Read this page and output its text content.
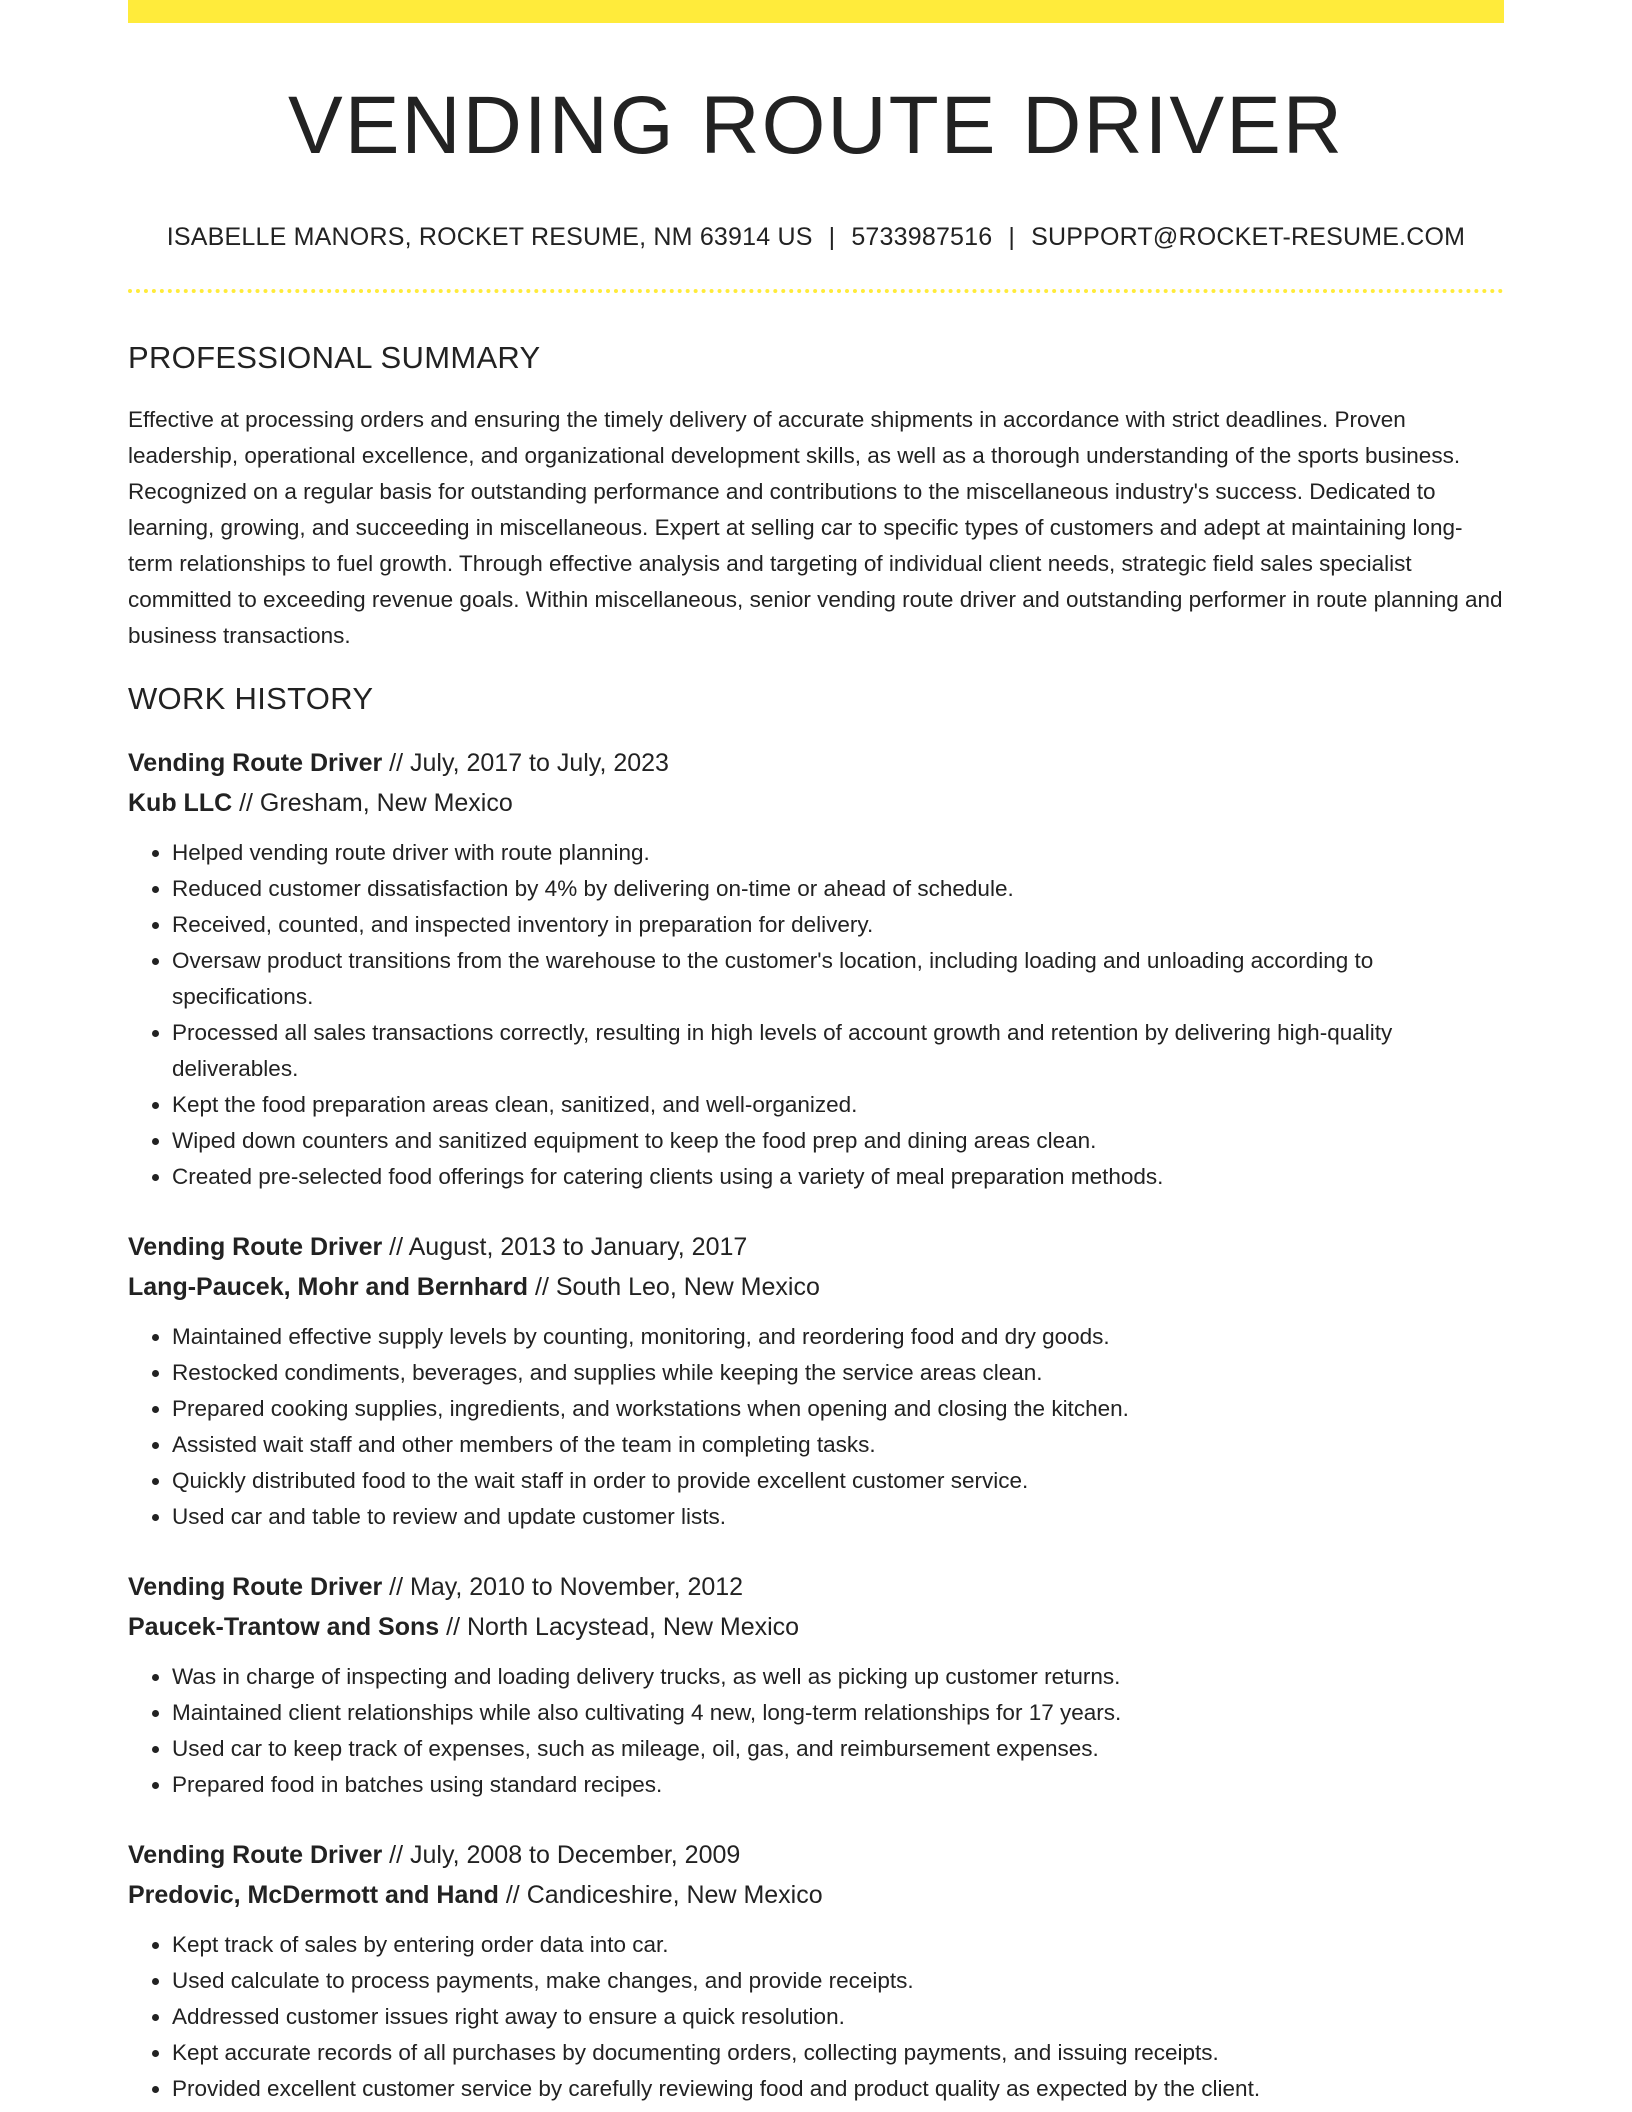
VENDING ROUTE DRIVER
ISABELLE MANORS, ROCKET RESUME, NM 63914 US | 5733987516 | SUPPORT@ROCKET-RESUME.COM
PROFESSIONAL SUMMARY

Effective at processing orders and ensuring the timely delivery of accurate shipments in accordance with strict deadlines. Proven leadership, operational excellence, and organizational development skills, as well as a thorough understanding of the sports business. Recognized on a regular basis for outstanding performance and contributions to the miscellaneous industry's success. Dedicated to learning, growing, and succeeding in miscellaneous. Expert at selling car to specific types of customers and adept at maintaining long-term relationships to fuel growth. Through effective analysis and targeting of individual client needs, strategic field sales specialist committed to exceeding revenue goals. Within miscellaneous, senior vending route driver and outstanding performer in route planning and business transactions.

WORK HISTORY
Vending Route Driver // July, 2017 to July, 2023
Kub LLC // Gresham, New Mexico
• Helped vending route driver with route planning.
• Reduced customer dissatisfaction by 4% by delivering on-time or ahead of schedule.
• Received, counted, and inspected inventory in preparation for delivery.
• Oversaw product transitions from the warehouse to the customer's location, including loading and unloading according to specifications.
• Processed all sales transactions correctly, resulting in high levels of account growth and retention by delivering high-quality deliverables.
• Kept the food preparation areas clean, sanitized, and well-organized.
• Wiped down counters and sanitized equipment to keep the food prep and dining areas clean.
• Created pre-selected food offerings for catering clients using a variety of meal preparation methods.
Vending Route Driver // August, 2013 to January, 2017
Lang-Paucek, Mohr and Bernhard // South Leo, New Mexico
• Maintained effective supply levels by counting, monitoring, and reordering food and dry goods.
• Restocked condiments, beverages, and supplies while keeping the service areas clean.
• Prepared cooking supplies, ingredients, and workstations when opening and closing the kitchen.
• Assisted wait staff and other members of the team in completing tasks.
• Quickly distributed food to the wait staff in order to provide excellent customer service.
• Used car and table to review and update customer lists.
Vending Route Driver // May, 2010 to November, 2012
Paucek-Trantow and Sons // North Lacystead, New Mexico
• Was in charge of inspecting and loading delivery trucks, as well as picking up customer returns.
• Maintained client relationships while also cultivating 4 new, long-term relationships for 17 years.
• Used car to keep track of expenses, such as mileage, oil, gas, and reimbursement expenses.
• Prepared food in batches using standard recipes.
Vending Route Driver // July, 2008 to December, 2009
Predovic, McDermott and Hand // Candiceshire, New Mexico
• Kept track of sales by entering order data into car.
• Used calculate to process payments, make changes, and provide receipts.
• Addressed customer issues right away to ensure a quick resolution.
• Kept accurate records of all purchases by documenting orders, collecting payments, and issuing receipts.
• Provided excellent customer service by carefully reviewing food and product quality as expected by the client.
